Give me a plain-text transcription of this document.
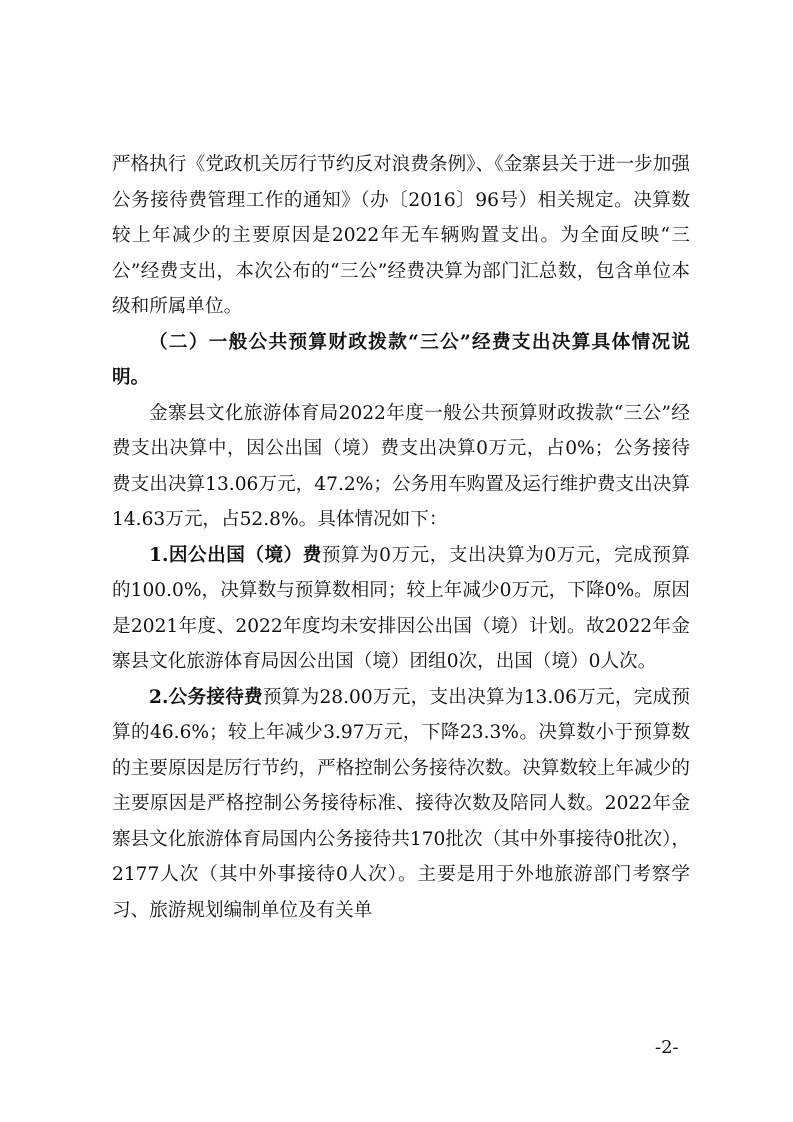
严格执行《党政机关厉行节约反对浪费条例》、《金寨县关于进一步加强公务接待费管理工作的通知》（办〔2016〕96号）相关规定。决算数较上年减少的主要原因是2022年无车辆购置支出。为全面反映“三公”经费支出，本次公布的“三公”经费决算为部门汇总数，包含单位本级和所属单位。

（二）一般公共预算财政拨款“三公”经费支出决算具体情况说明。

金寨县文化旅游体育局2022年度一般公共预算财政拨款“三公”经费支出决算中，因公出国（境）费支出决算0万元，占0%；公务接待费支出决算13.06万元，47.2%；公务用车购置及运行维护费支出决算14.63万元，占52.8%。具体情况如下：

1.因公出国（境）费预算为0万元，支出决算为0万元，完成预算的100.0%，决算数与预算数相同；较上年减少0万元，下降0%。原因是2021年度、2022年度均未安排因公出国（境）计划。故2022年金寨县文化旅游体育局因公出国（境）团组0次，出国（境）0人次。

2.公务接待费预算为28.00万元，支出决算为13.06万元，完成预算的46.6%；较上年减少3.97万元，下降23.3%。决算数小于预算数的主要原因是厉行节约，严格控制公务接待次数。决算数较上年减少的主要原因是严格控制公务接待标准、接待次数及陪同人数。2022年金寨县文化旅游体育局国内公务接待共170批次（其中外事接待0批次），2177人次（其中外事接待0人次）。主要是用于外地旅游部门考察学习、旅游规划编制单位及有关单

-2-
